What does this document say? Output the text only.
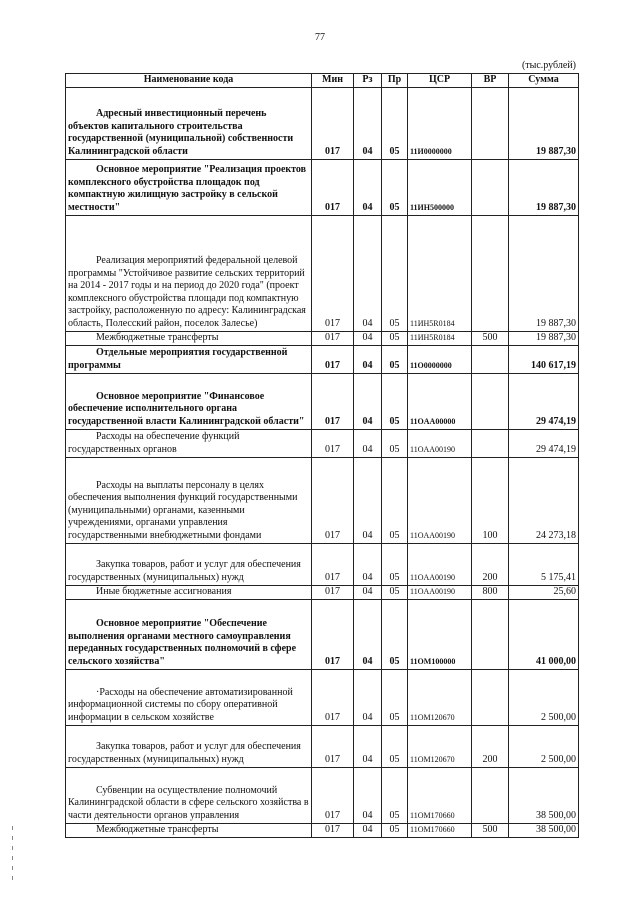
77
(тыс.рублей)
Наименование кода	Мин	Рз	Пр	ЦСР	ВР	Сумма

Адресный инвестиционный перечень объектов капитального строительства государственной (муниципальной) собственности Калининградской области	017	04	05	11И0000000		19 887,30

Основное мероприятие "Реализация проектов комплексного обустройства площадок под компактную жилищную застройку в сельской местности"	017	04	05	11ИН500000		19 887,30

Реализация мероприятий федеральной целевой программы "Устойчивое развитие сельских территорий на 2014 - 2017 годы и на период до 2020 года" (проект комплексного обустройства площади под компактную застройку, расположенную по адресу: Калининградская область, Полесский район, поселок Залесье)	017	04	05	11ИН5R0184		19 887,30

Межбюджетные трансферты	017	04	05	11ИН5R0184	500	19 887,30

Отдельные мероприятия государственной программы	017	04	05	11O0000000		140 617,19

Основное мероприятие "Финансовое обеспечение исполнительного органа государственной власти Калининградской области"	017	04	05	11OAA00000		29 474,19

Расходы на обеспечение функций государственных органов	017	04	05	11OAA00190		29 474,19

Расходы на выплаты персоналу в целях обеспечения выполнения функций государственными (муниципальными) органами, казенными учреждениями, органами управления государственными внебюджетными фондами	017	04	05	11OAA00190	100	24 273,18

Закупка товаров, работ и услуг для обеспечения государственных (муниципальных) нужд	017	04	05	11OAA00190	200	5 175,41

Иные бюджетные ассигнования	017	04	05	11OAA00190	800	25,60

Основное мероприятие "Обеспечение выполнения органами местного самоуправления переданных государственных полномочий в сфере сельского хозяйства"	017	04	05	11OM100000		41 000,00

·Расходы на обеспечение автоматизированной информационной системы по сбору оперативной информации в сельском хозяйстве	017	04	05	11OM120670		2 500,00

Закупка товаров, работ и услуг для обеспечения государственных (муниципальных) нужд	017	04	05	11OM120670	200	2 500,00

Субвенции на осуществление полномочий Калининградской области в сфере сельского хозяйства в части деятельности органов управления	017	04	05	11OM170660		38 500,00

Межбюджетные трансферты	017	04	05	11OM170660	500	38 500,00
